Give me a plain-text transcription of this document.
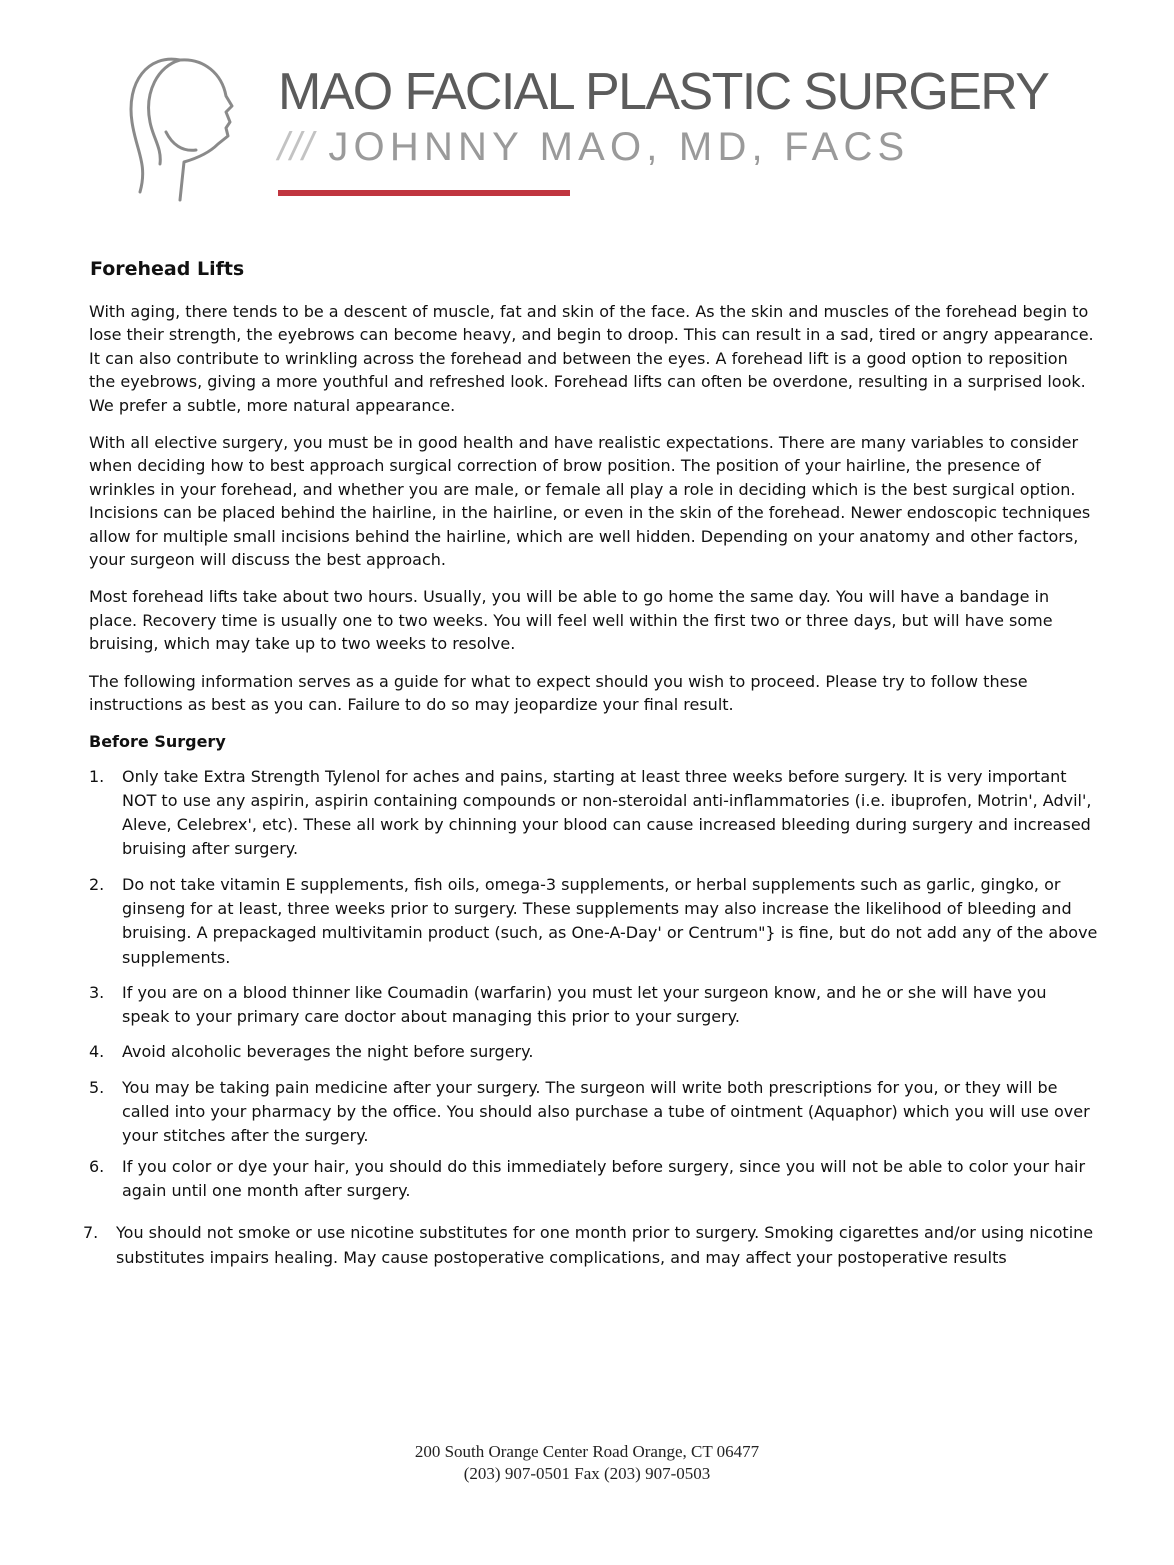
MAO FACIAL PLASTIC SURGERY
/// JOHNNY MAO, MD, FACS
Forehead Lifts

With aging, there tends to be a descent of muscle, fat and skin of the face. As the skin and muscles of the forehead begin to lose their strength, the eyebrows can become heavy, and begin to droop. This can result in a sad, tired or angry appearance. It can also contribute to wrinkling across the forehead and between the eyes. A forehead lift is a good option to reposition the eyebrows, giving a more youthful and refreshed look. Forehead lifts can often be overdone, resulting in a surprised look. We prefer a subtle, more natural appearance.

With all elective surgery, you must be in good health and have realistic expectations. There are many variables to consider when deciding how to best approach surgical correction of brow position. The position of your hairline, the presence of wrinkles in your forehead, and whether you are male, or female all play a role in deciding which is the best surgical option. Incisions can be placed behind the hairline, in the hairline, or even in the skin of the forehead. Newer endoscopic techniques allow for multiple small incisions behind the hairline, which are well hidden. Depending on your anatomy and other factors, your surgeon will discuss the best approach.

Most forehead lifts take about two hours. Usually, you will be able to go home the same day. You will have a bandage in place. Recovery time is usually one to two weeks. You will feel well within the first two or three days, but will have some bruising, which may take up to two weeks to resolve.

The following information serves as a guide for what to expect should you wish to proceed. Please try to follow these instructions as best as you can. Failure to do so may jeopardize your final result.

Before Surgery
1. Only take Extra Strength Tylenol for aches and pains, starting at least three weeks before surgery. It is very important NOT to use any aspirin, aspirin containing compounds or non-steroidal anti-inflammatories (i.e. ibuprofen, Motrin', Advil', Aleve, Celebrex', etc). These all work by chinning your blood can cause increased bleeding during surgery and increased bruising after surgery.
2. Do not take vitamin E supplements, fish oils, omega-3 supplements, or herbal supplements such as garlic, gingko, or ginseng for at least, three weeks prior to surgery. These supplements may also increase the likelihood of bleeding and bruising. A prepackaged multivitamin product (such, as One-A-Day' or Centrum"} is fine, but do not add any of the above supplements.
3. If you are on a blood thinner like Coumadin (warfarin) you must let your surgeon know, and he or she will have you speak to your primary care doctor about managing this prior to your surgery.
4. Avoid alcoholic beverages the night before surgery.
5. You may be taking pain medicine after your surgery. The surgeon will write both prescriptions for you, or they will be called into your pharmacy by the office. You should also purchase a tube of ointment (Aquaphor) which you will use over your stitches after the surgery.
6. If you color or dye your hair, you should do this immediately before surgery, since you will not be able to color your hair again until one month after surgery.
7. You should not smoke or use nicotine substitutes for one month prior to surgery. Smoking cigarettes and/or using nicotine substitutes impairs healing. May cause postoperative complications, and may affect your postoperative results
200 South Orange Center Road Orange, CT 06477
(203) 907-0501 Fax (203) 907-0503
